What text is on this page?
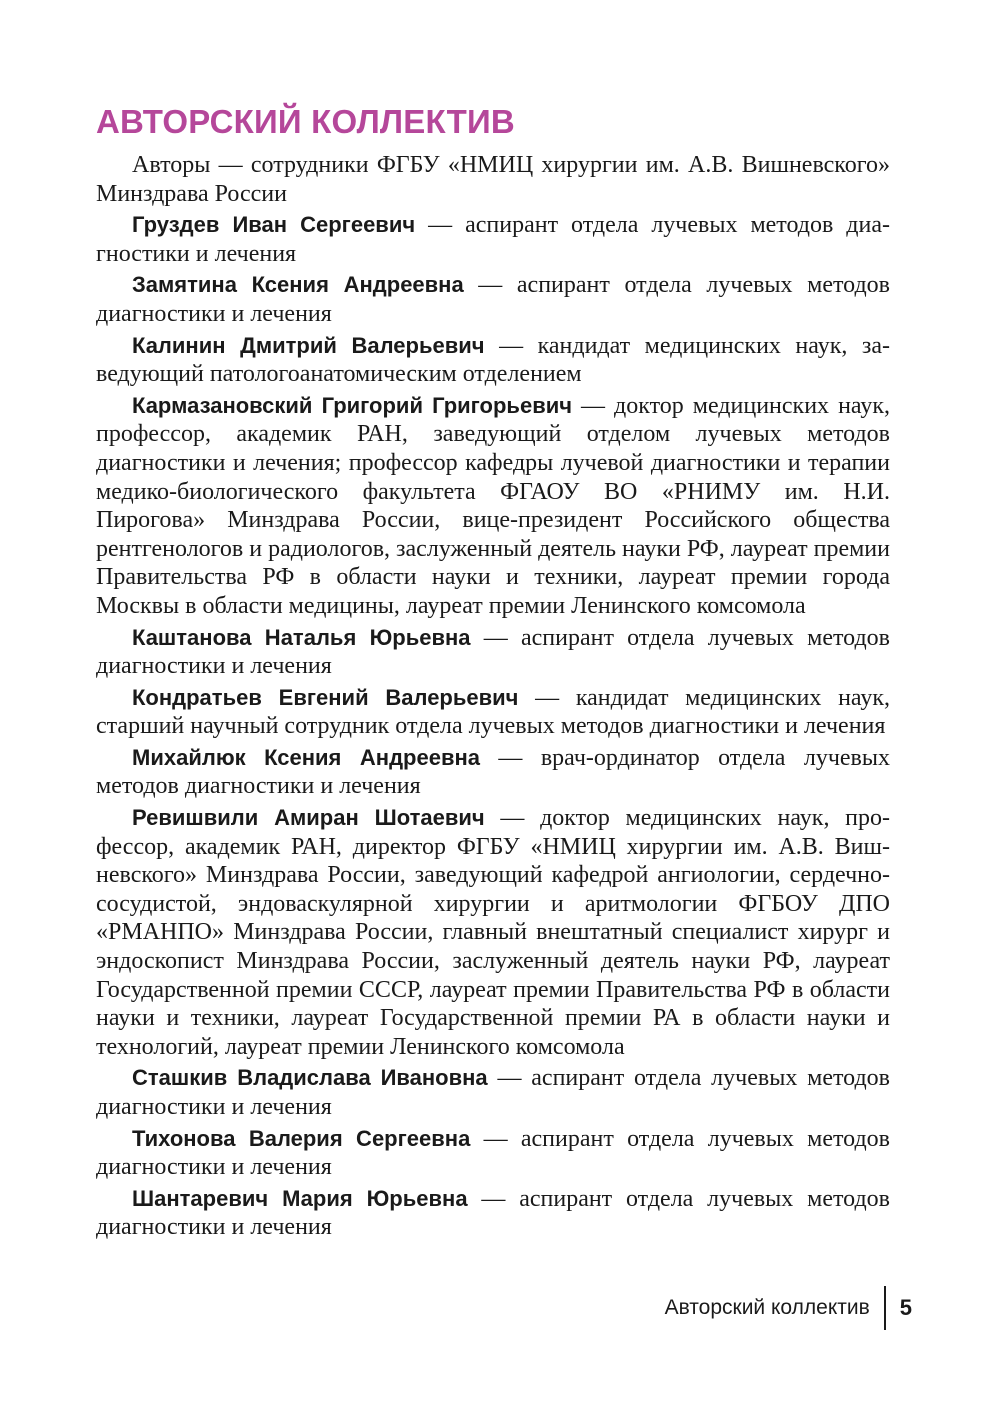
АВТОРСКИЙ КОЛЛЕКТИВ

Авторы — сотрудники ФГБУ «НМИЦ хирургии им. А.В. Вишневского» Минздрава России

Груздев Иван Сергеевич — аспирант отдела лучевых методов диагностики и лечения

Замятина Ксения Андреевна — аспирант отдела лучевых методов диагностики и лечения

Калинин Дмитрий Валерьевич — кандидат медицинских наук, заведующий патологоанатомическим отделением

Кармазановский Григорий Григорьевич — доктор медицинских наук, профессор, академик РАН, заведующий отделом лучевых методов диагностики и лечения; профессор кафедры лучевой диагностики и терапии медико-биологического факультета ФГАОУ ВО «РНИМУ им. Н.И. Пирогова» Минздрава России, вице-президент Российского общества рентгенологов и радиологов, заслуженный деятель науки РФ, лауреат премии Правительства РФ в области науки и техники, лауреат премии города Москвы в области медицины, лауреат премии Ленинского комсомола

Каштанова Наталья Юрьевна — аспирант отдела лучевых методов диагностики и лечения

Кондратьев Евгений Валерьевич — кандидат медицинских наук, старший научный сотрудник отдела лучевых методов диагностики и лечения

Михайлюк Ксения Андреевна — врач-ординатор отдела лучевых методов диагностики и лечения

Ревишвили Амиран Шотаевич — доктор медицинских наук, профессор, академик РАН, директор ФГБУ «НМИЦ хирургии им. А.В. Вишневского» Минздрава России, заведующий кафедрой ангиологии, сердечно-сосудистой, эндоваскулярной хирургии и аритмологии ФГБОУ ДПО «РМАНПО» Минздрава России, главный внештатный специалист хирург и эндоскопист Минздрава России, заслуженный деятель науки РФ, лауреат Государственной премии СССР, лауреат премии Правительства РФ в области науки и техники, лауреат Государственной премии РА в области науки и технологий, лауреат премии Ленинского комсомола

Сташкив Владислава Ивановна — аспирант отдела лучевых методов диагностики и лечения

Тихонова Валерия Сергеевна — аспирант отдела лучевых методов диагностики и лечения

Шантаревич Мария Юрьевна — аспирант отдела лучевых методов диагностики и лечения

Авторский коллектив	5
